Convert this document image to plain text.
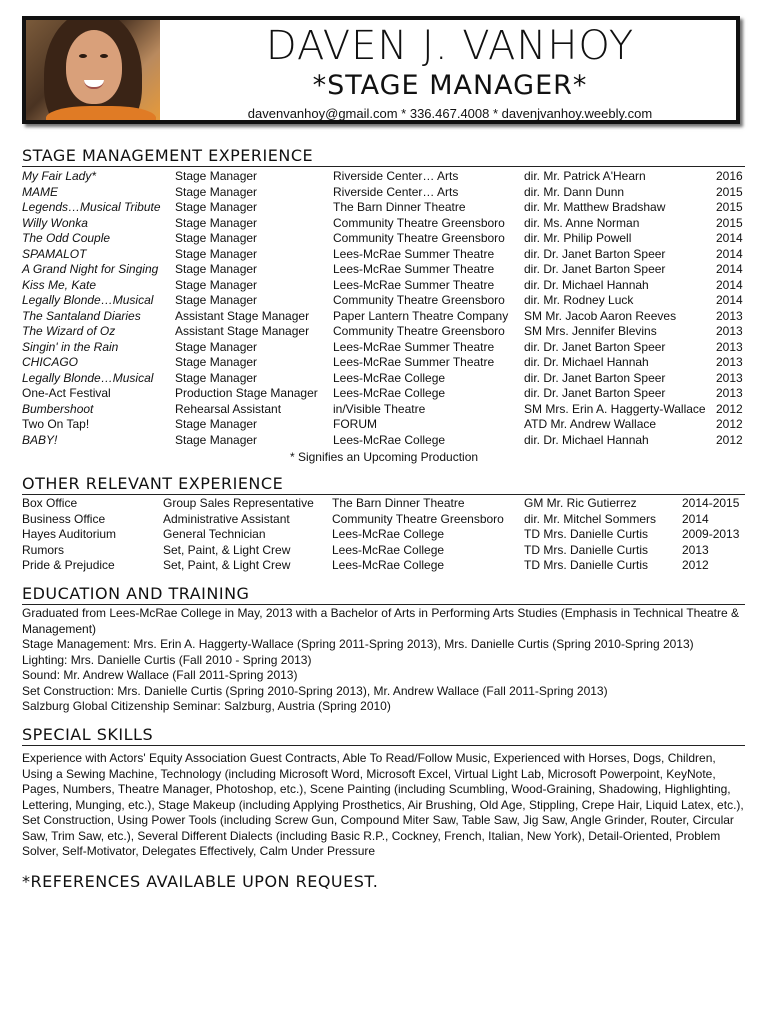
DAVEN J. VANHOY
*STAGE MANAGER*
davenvanhoy@gmail.com * 336.467.4008 * davenjvanhoy.weebly.com
STAGE MANAGEMENT EXPERIENCE
My Fair Lady*	Stage Manager	Riverside Center… Arts	dir. Mr. Patrick A'Hearn	2016
MAME	Stage Manager	Riverside Center… Arts	dir. Mr. Dann Dunn	2015
Legends…Musical Tribute	Stage Manager	The Barn Dinner Theatre	dir. Mr. Matthew Bradshaw	2015
Willy Wonka	Stage Manager	Community Theatre Greensboro	dir. Ms. Anne Norman	2015
The Odd Couple	Stage Manager	Community Theatre Greensboro	dir. Mr. Philip Powell	2014
SPAMALOT	Stage Manager	Lees-McRae Summer Theatre	dir. Dr. Janet Barton Speer	2014
A Grand Night for Singing	Stage Manager	Lees-McRae Summer Theatre	dir. Dr. Janet Barton Speer	2014
Kiss Me, Kate	Stage Manager	Lees-McRae Summer Theatre	dir. Dr. Michael Hannah	2014
Legally Blonde…Musical	Stage Manager	Community Theatre Greensboro	dir. Mr. Rodney Luck	2014
The Santaland Diaries	Assistant Stage Manager	Paper Lantern Theatre Company	SM Mr. Jacob Aaron Reeves	2013
The Wizard of Oz	Assistant Stage Manager	Community Theatre Greensboro	SM Mrs. Jennifer Blevins	2013
Singin' in the Rain	Stage Manager	Lees-McRae Summer Theatre	dir. Dr. Janet Barton Speer	2013
CHICAGO	Stage Manager	Lees-McRae Summer Theatre	dir. Dr. Michael Hannah	2013
Legally Blonde…Musical	Stage Manager	Lees-McRae College	dir. Dr. Janet Barton Speer	2013
One-Act Festival	Production Stage Manager	Lees-McRae College	dir. Dr. Janet Barton Speer	2013
Bumbershoot	Rehearsal Assistant	in/Visible Theatre	SM Mrs. Erin A. Haggerty-Wallace	2012
Two On Tap!	Stage Manager	FORUM	ATD Mr. Andrew Wallace	2012
BABY!	Stage Manager	Lees-McRae College	dir. Dr. Michael Hannah	2012
* Signifies an Upcoming Production
OTHER RELEVANT EXPERIENCE
Box Office	Group Sales Representative	The Barn Dinner Theatre	GM Mr. Ric Gutierrez	2014-2015
Business Office	Administrative Assistant	Community Theatre Greensboro	dir. Mr. Mitchel Sommers	2014
Hayes Auditorium	General Technician	Lees-McRae College	TD Mrs. Danielle Curtis	2009-2013
Rumors	Set, Paint, & Light Crew	Lees-McRae College	TD Mrs. Danielle Curtis	2013
Pride & Prejudice	Set, Paint, & Light Crew	Lees-McRae College	TD Mrs. Danielle Curtis	2012
EDUCATION AND TRAINING
Graduated from Lees-McRae College in May, 2013 with a Bachelor of Arts in Performing Arts Studies (Emphasis in Technical Theatre & Management)
Stage Management: Mrs. Erin A. Haggerty-Wallace (Spring 2011-Spring 2013), Mrs. Danielle Curtis (Spring 2010-Spring 2013)
Lighting: Mrs. Danielle Curtis (Fall 2010 - Spring 2013)
Sound: Mr. Andrew Wallace (Fall 2011-Spring 2013)
Set Construction: Mrs. Danielle Curtis (Spring 2010-Spring 2013), Mr. Andrew Wallace (Fall 2011-Spring 2013)
Salzburg Global Citizenship Seminar: Salzburg, Austria (Spring 2010)
SPECIAL SKILLS
Experience with Actors' Equity Association Guest Contracts, Able To Read/Follow Music, Experienced with Horses, Dogs, Children, Using a Sewing Machine, Technology (including Microsoft Word, Microsoft Excel, Virtual Light Lab, Microsoft Powerpoint, KeyNote, Pages, Numbers, Theatre Manager, Photoshop, etc.), Scene Painting (including Scumbling, Wood-Graining, Shadowing, Highlighting, Lettering, Munging, etc.), Stage Makeup (including Applying Prosthetics, Air Brushing, Old Age, Stippling, Crepe Hair, Liquid Latex, etc.), Set Construction, Using Power Tools (including Screw Gun, Compound Miter Saw, Table Saw, Jig Saw, Angle Grinder, Router, Circular Saw, Trim Saw, etc.), Several Different Dialects (including Basic R.P., Cockney, French, Italian, New York), Detail-Oriented, Problem Solver, Self-Motivator, Delegates Effectively, Calm Under Pressure
*REFERENCES AVAILABLE UPON REQUEST.
